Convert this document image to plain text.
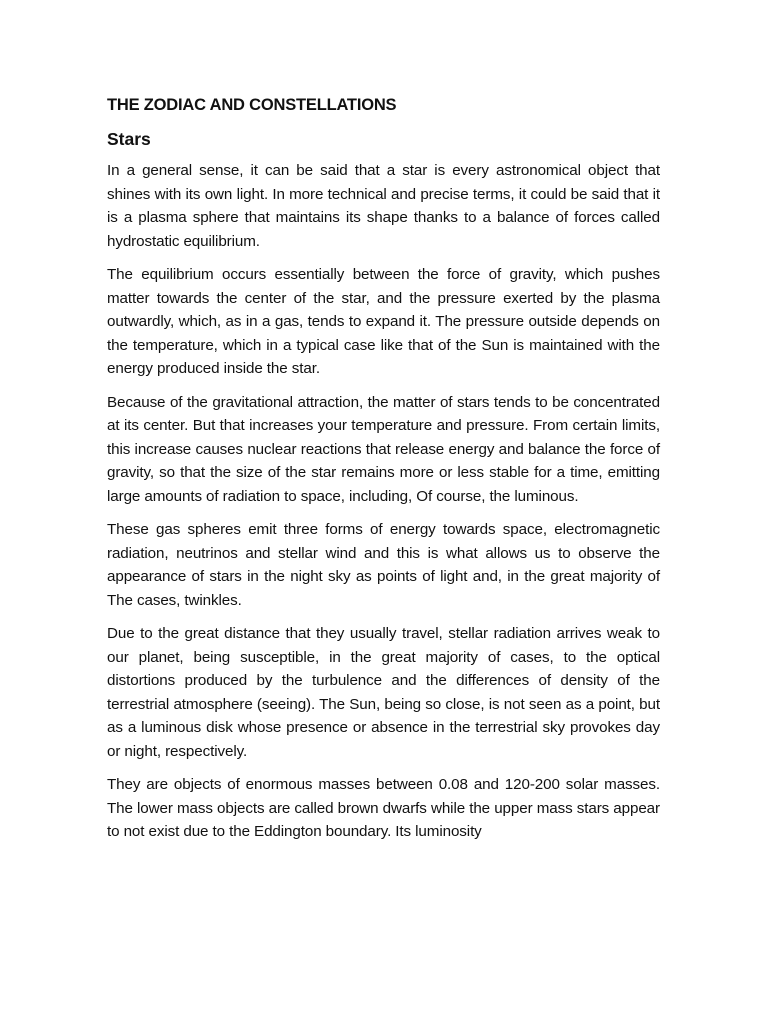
THE ZODIAC AND CONSTELLATIONS
Stars

In a general sense, it can be said that a star is every astronomical object that shines with its own light. In more technical and precise terms, it could be said that it is a plasma sphere that maintains its shape thanks to a balance of forces called hydrostatic equilibrium.

The equilibrium occurs essentially between the force of gravity, which pushes matter towards the center of the star, and the pressure exerted by the plasma outwardly, which, as in a gas, tends to expand it. The pressure outside depends on the temperature, which in a typical case like that of the Sun is maintained with the energy produced inside the star.

Because of the gravitational attraction, the matter of stars tends to be concentrated at its center. But that increases your temperature and pressure. From certain limits, this increase causes nuclear reactions that release energy and balance the force of gravity, so that the size of the star remains more or less stable for a time, emitting large amounts of radiation to space, including, Of course, the luminous.

These gas spheres emit three forms of energy towards space, electromagnetic radiation, neutrinos and stellar wind and this is what allows us to observe the appearance of stars in the night sky as points of light and, in the great majority of The cases, twinkles.

Due to the great distance that they usually travel, stellar radiation arrives weak to our planet, being susceptible, in the great majority of cases, to the optical distortions produced by the turbulence and the differences of density of the terrestrial atmosphere (seeing). The Sun, being so close, is not seen as a point, but as a luminous disk whose presence or absence in the terrestrial sky provokes day or night, respectively.

They are objects of enormous masses between 0.08 and 120-200 solar masses. The lower mass objects are called brown dwarfs while the upper mass stars appear to not exist due to the Eddington boundary. Its luminosity
